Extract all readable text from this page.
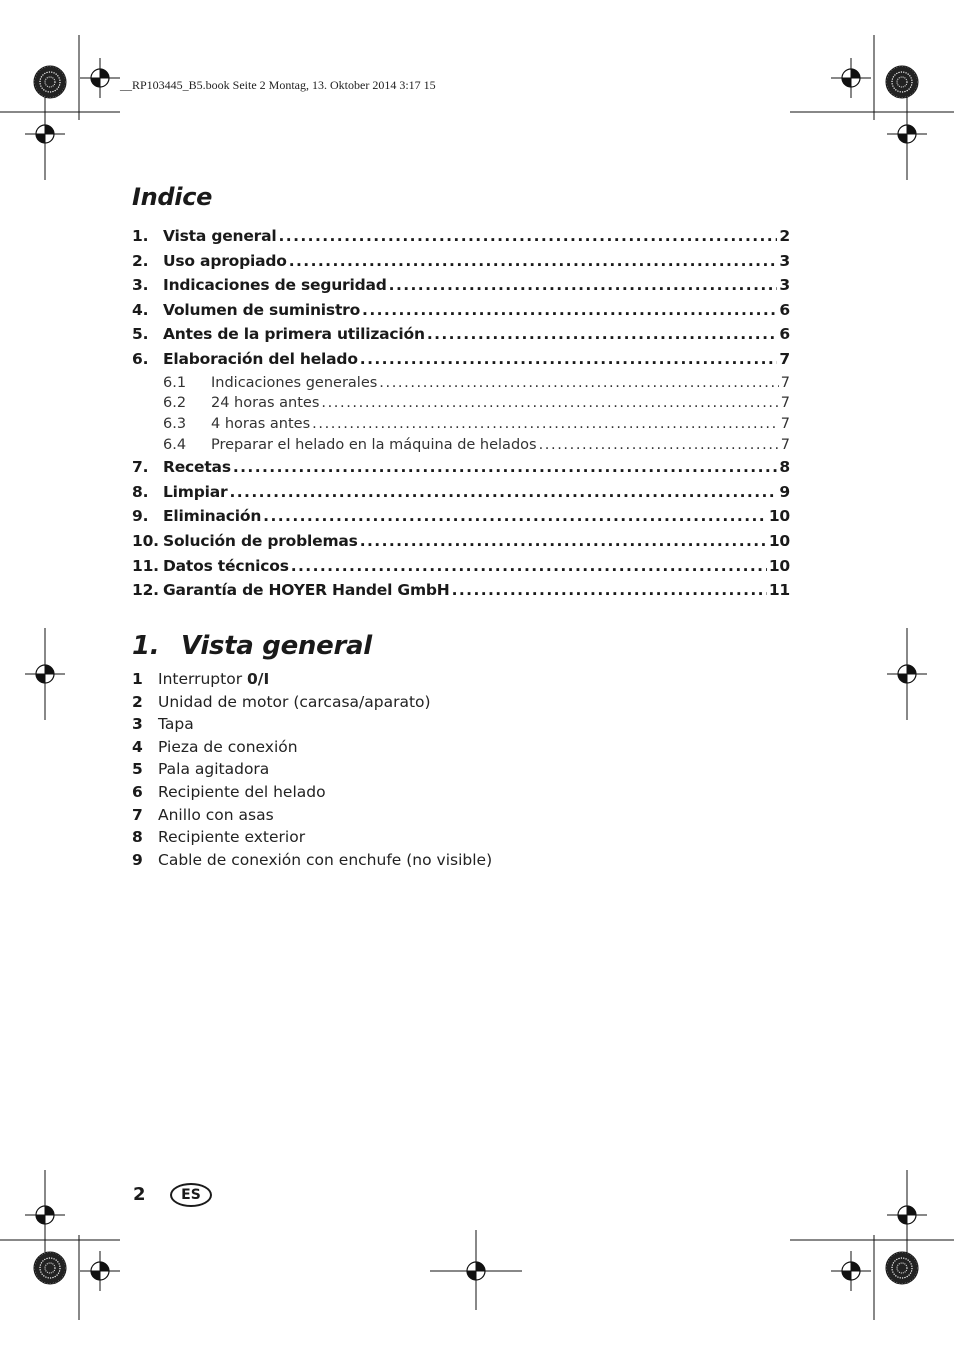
__RP103445_B5.book Seite 2 Montag, 13. Oktober 2014 3:17 15
Indice
1. Vista general .....	2
2. Uso apropiado .....	3
3. Indicaciones de seguridad .....	3
4. Volumen de suministro .....	6
5. Antes de la primera utilización .....	6
6. Elaboración del helado .....	7
6.1	Indicaciones generales .....	7
6.2	24 horas antes .....	7
6.3	4 horas antes .....	7
6.4	Preparar el helado en la máquina de helados .....	7
7. Recetas .....	8
8. Limpiar .....	9
9. Eliminación .....	10
10. Solución de problemas .....	10
11. Datos técnicos .....	10
12. Garantía de HOYER Handel GmbH .....	11
1. Vista general
1 Interruptor 0/I
2 Unidad de motor (carcasa/aparato)
3 Tapa
4 Pieza de conexión
5 Pala agitadora
6 Recipiente del helado
7 Anillo con asas
8 Recipiente exterior
9 Cable de conexión con enchufe (no visible)
2	ES
